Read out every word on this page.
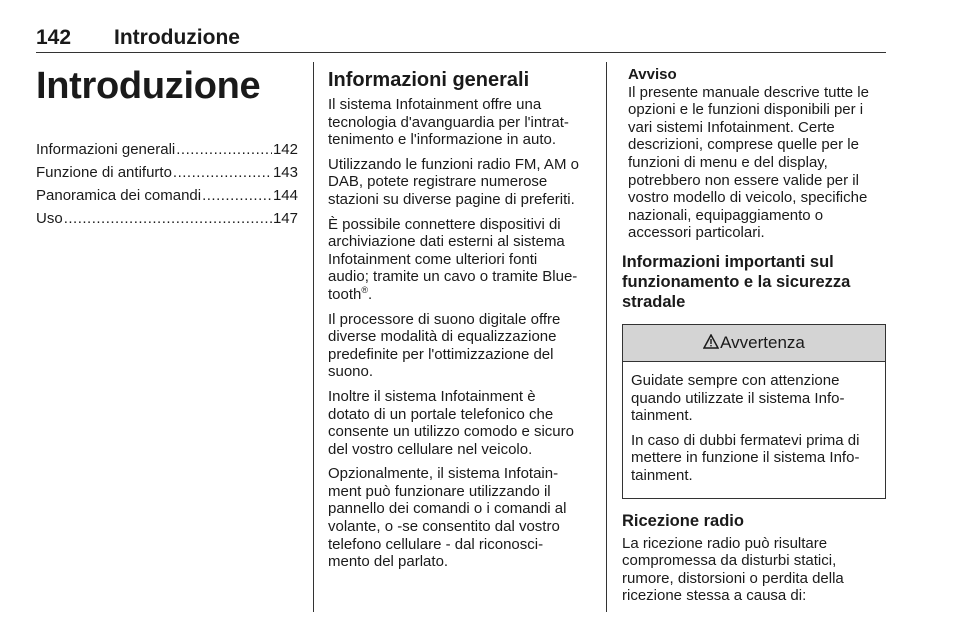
142 Introduzione
Introduzione
Informazioni generali .....	142
Funzione di antifurto .....	143
Panoramica dei comandi .....	144
Uso .....	147
Informazioni generali

Il sistema Infotainment offre una tecnologia d'avanguardia per l'intrat-tenimento e l'informazione in auto.

Utilizzando le funzioni radio FM, AM o DAB, potete registrare numerose stazioni su diverse pagine di preferiti.

È possibile connettere dispositivi di archiviazione dati esterni al sistema Infotainment come ulteriori fonti audio; tramite un cavo o tramite Blue-tooth®.

Il processore di suono digitale offre diverse modalità di equalizzazione predefinite per l'ottimizzazione del suono.

Inoltre il sistema Infotainment è dotato di un portale telefonico che consente un utilizzo comodo e sicuro del vostro cellulare nel veicolo.

Opzionalmente, il sistema Infotain-ment può funzionare utilizzando il pannello dei comandi o i comandi al volante, o -se consentito dal vostro telefono cellulare - dal riconosci-mento del parlato.

Avviso
Il presente manuale descrive tutte le opzioni e le funzioni disponibili per i vari sistemi Infotainment. Certe descrizioni, comprese quelle per le funzioni di menu e del display, potrebbero non essere valide per il vostro modello di veicolo, specifiche nazionali, equipaggiamento o accessori particolari.
Informazioni importanti sul funzionamento e la sicurezza stradale
Avvertenza

Guidate sempre con attenzione quando utilizzate il sistema Info-tainment.

In caso di dubbi fermatevi prima di mettere in funzione il sistema Info-tainment.

Ricezione radio

La ricezione radio può risultare compromessa da disturbi statici, rumore, distorsioni o perdita della ricezione stessa a causa di:
